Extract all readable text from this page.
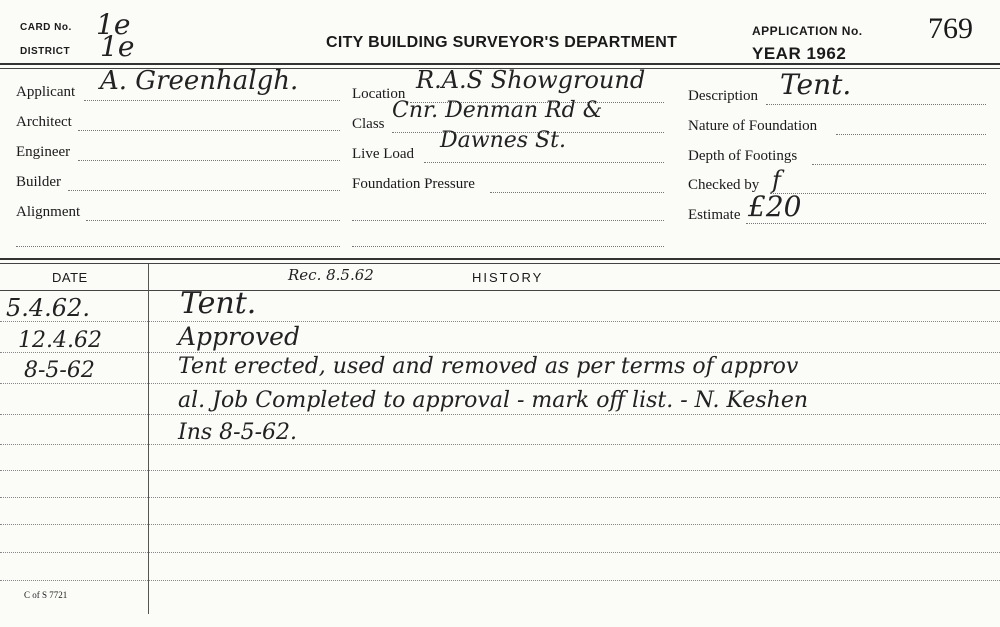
CARD No. 1e
DISTRICT 1e	CITY BUILDING SURVEYOR'S DEPARTMENT
APPLICATION No. 769
YEAR 1962
Applicant A. Greenhalgh.
Architect
Engineer
Builder
Alignment
Location R.A.S Showground
Class
Cnr. Denman Rd &
Live Load
Dawnes St.
Foundation Pressure
Description Tent.
Nature of Foundation
Depth of Footings
Checked by f
Estimate £20
DATE	HISTORY
Rec. 8.5.62
5.4.62.	Tent.
12.4.62	Approved
8-5-62	Tent erected, used and removed as per terms of approv
al. Job Completed to approval - mark off list. - N. Keshen
Ins 8-5-62.
C of S 7721
